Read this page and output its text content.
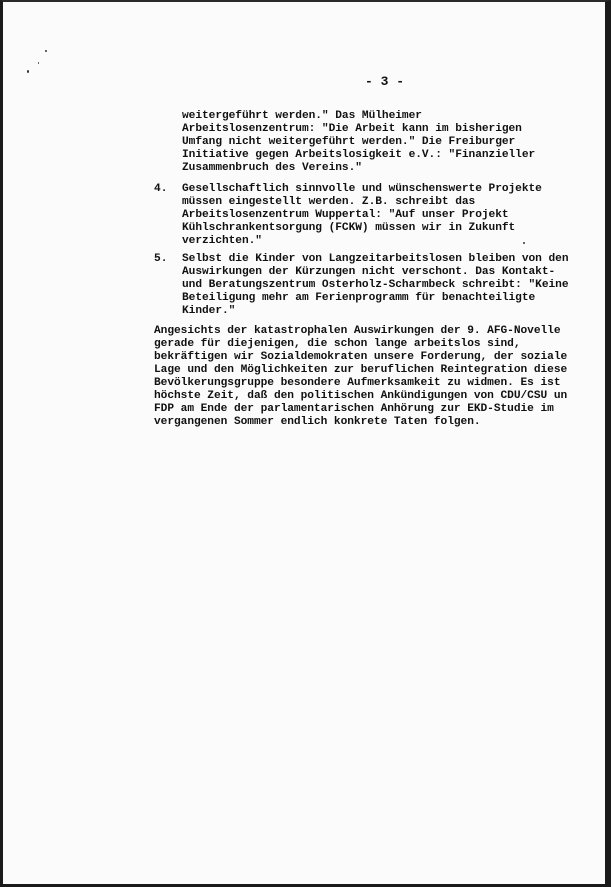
- 3 -

weitergeführt werden." Das Mülheimer
Arbeitslosenzentrum: "Die Arbeit kann im bisherigen
Umfang nicht weitergeführt werden." Die Freiburger
Initiative gegen Arbeitslosigkeit e.V.: "Finanzieller
Zusammenbruch des Vereins."

4. Gesellschaftlich sinnvolle und wünschenswerte Projekte
müssen eingestellt werden. Z.B. schreibt das
Arbeitslosenzentrum Wuppertal: "Auf unser Projekt
Kühlschrankentsorgung (FCKW) müssen wir in Zukunft
verzichten."

5. Selbst die Kinder von Langzeitarbeitslosen bleiben von den
Auswirkungen der Kürzungen nicht verschont. Das Kontakt-
und Beratungszentrum Osterholz-Scharmbeck schreibt: "Keine
Beteiligung mehr am Ferienprogramm für benachteiligte
Kinder."

Angesichts der katastrophalen Auswirkungen der 9. AFG-Novelle
gerade für diejenigen, die schon lange arbeitslos sind,
bekräftigen wir Sozialdemokraten unsere Forderung, der soziale
Lage und den Möglichkeiten zur beruflichen Reintegration diese
Bevölkerungsgruppe besondere Aufmerksamkeit zu widmen. Es ist
höchste Zeit, daß den politischen Ankündigungen von CDU/CSU un
FDP am Ende der parlamentarischen Anhörung zur EKD-Studie im
vergangenen Sommer endlich konkrete Taten folgen.
